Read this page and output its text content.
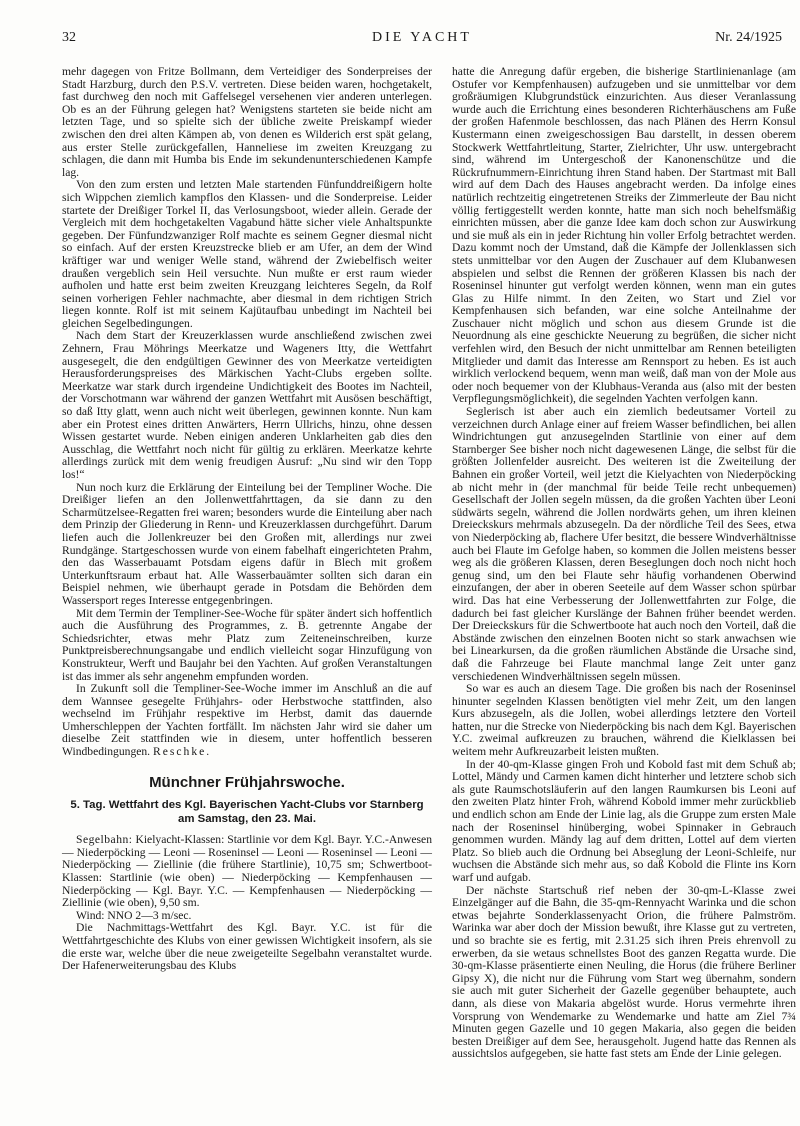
32	DIE YACHT	Nr. 24/1925

mehr dagegen von Fritze Bollmann, dem Verteidiger des Sonderpreises der Stadt Harzburg, durch den P.S.V. vertreten. Diese beiden waren, hochgetakelt, fast durchweg den noch mit Gaffelsegel versehenen vier anderen unterlegen. Ob es an der Führung gelegen hat? Wenigstens starteten sie beide nicht am letzten Tage, und so spielte sich der übliche zweite Preiskampf wieder zwischen den drei alten Kämpen ab, von denen es Wilderich erst spät gelang, aus erster Stelle zurückgefallen, Hanneliese im zweiten Kreuzgang zu schlagen, die dann mit Humba bis Ende im sekundenunterschiedenen Kampfe lag.

Von den zum ersten und letzten Male startenden Fünfunddreißigern holte sich Wippchen ziemlich kampflos den Klassen- und die Sonderpreise. Leider startete der Dreißiger Torkel II, das Verlosungsboot, wieder allein. Gerade der Vergleich mit dem hochgetakelten Vagabund hätte sicher viele Anhaltspunkte gegeben. Der Fünfundzwanziger Rolf machte es seinem Gegner diesmal nicht so einfach. Auf der ersten Kreuzstrecke blieb er am Ufer, an dem der Wind kräftiger war und weniger Welle stand, während der Zwiebelfisch weiter draußen vergeblich sein Heil versuchte. Nun mußte er erst raum wieder aufholen und hatte erst beim zweiten Kreuzgang leichteres Segeln, da Rolf seinen vorherigen Fehler nachmachte, aber diesmal in dem richtigen Strich liegen konnte. Rolf ist mit seinem Kajütaufbau unbedingt im Nachteil bei gleichen Segelbedingungen.

Nach dem Start der Kreuzerklassen wurde anschließend zwischen zwei Zehnern, Frau Möhrings Meerkatze und Wageners Itty, die Wettfahrt ausgesegelt, die den endgültigen Gewinner des von Meerkatze verteidigten Herausforderungspreises des Märkischen Yacht-Clubs ergeben sollte. Meerkatze war stark durch irgendeine Undichtigkeit des Bootes im Nachteil, der Vorschotmann war während der ganzen Wettfahrt mit Ausösen beschäftigt, so daß Itty glatt, wenn auch nicht weit überlegen, gewinnen konnte. Nun kam aber ein Protest eines dritten Anwärters, Herrn Ullrichs, hinzu, ohne dessen Wissen gestartet wurde. Neben einigen anderen Unklarheiten gab dies den Ausschlag, die Wettfahrt noch nicht für gültig zu erklären. Meerkatze kehrte allerdings zurück mit dem wenig freudigen Ausruf: „Nu sind wir den Topp los!“

Nun noch kurz die Erklärung der Einteilung bei der Templiner Woche. Die Dreißiger liefen an den Jollenwettfahrttagen, da sie dann zu den Scharmützelsee-Regatten frei waren; besonders wurde die Einteilung aber nach dem Prinzip der Gliederung in Renn- und Kreuzerklassen durchgeführt. Darum liefen auch die Jollenkreuzer bei den Großen mit, allerdings nur zwei Rundgänge. Startgeschossen wurde von einem fabelhaft eingerichteten Prahm, den das Wasserbauamt Potsdam eigens dafür in Blech mit großem Unterkunftsraum erbaut hat. Alle Wasserbauämter sollten sich daran ein Beispiel nehmen, wie überhaupt gerade in Potsdam die Behörden dem Wassersport reges Interesse entgegenbringen.

Mit dem Termin der Templiner-See-Woche für später ändert sich hoffentlich auch die Ausführung des Programmes, z. B. getrennte Angabe der Schiedsrichter, etwas mehr Platz zum Zeiteneinschreiben, kurze Punktpreisberechnungsangabe und endlich vielleicht sogar Hinzufügung von Konstrukteur, Werft und Baujahr bei den Yachten. Auf großen Veranstaltungen ist das immer als sehr angenehm empfunden worden.

In Zukunft soll die Templiner-See-Woche immer im Anschluß an die auf dem Wannsee gesegelte Frühjahrs- oder Herbstwoche stattfinden, also wechselnd im Frühjahr respektive im Herbst, damit das dauernde Umherschleppen der Yachten fortfällt. Im nächsten Jahr wird sie daher um dieselbe Zeit stattfinden wie in diesem, unter hoffentlich besseren Windbedingungen. Reschke.

Münchner Frühjahrswoche.
5. Tag. Wettfahrt des Kgl. Bayerischen Yacht-Clubs vor Starnberg am Samstag, den 23. Mai.

Segelbahn: Kielyacht-Klassen: Startlinie vor dem Kgl. Bayr. Y.C.-Anwesen — Niederpöcking — Leoni — Roseninsel — Leoni — Roseninsel — Leoni — Niederpöcking — Ziellinie (die frühere Startlinie), 10,75 sm; Schwertboot-Klassen: Startlinie (wie oben) — Niederpöcking — Kempfenhausen — Niederpöcking — Kgl. Bayr. Y.C. — Kempfenhausen — Niederpöcking — Ziellinie (wie oben), 9,50 sm.

Wind: NNO 2—3 m/sec.

Die Nachmittags-Wettfahrt des Kgl. Bayr. Y.C. ist für die Wettfahrtgeschichte des Klubs von einer gewissen Wichtigkeit insofern, als sie die erste war, welche über die neue zweigeteilte Segelbahn veranstaltet wurde. Der Hafenerweiterungsbau des Klubs

hatte die Anregung dafür ergeben, die bisherige Startlinienanlage (am Ostufer vor Kempfenhausen) aufzugeben und sie unmittelbar vor dem großräumigen Klubgrundstück einzurichten. Aus dieser Veranlassung wurde auch die Errichtung eines besonderen Richterhäuschens am Fuße der großen Hafenmole beschlossen, das nach Plänen des Herrn Konsul Kustermann einen zweigeschossigen Bau darstellt, in dessen oberem Stockwerk Wettfahrtleitung, Starter, Zielrichter, Uhr usw. untergebracht sind, während im Untergeschoß der Kanonenschütze und die Rückrufnummern-Einrichtung ihren Stand haben. Der Startmast mit Ball wird auf dem Dach des Hauses angebracht werden. Da infolge eines natürlich rechtzeitig eingetretenen Streiks der Zimmerleute der Bau nicht völlig fertiggestellt werden konnte, hatte man sich noch behelfsmäßig einrichten müssen, aber die ganze Idee kam doch schon zur Auswirkung und sie muß als ein in jeder Richtung hin voller Erfolg betrachtet werden. Dazu kommt noch der Umstand, daß die Kämpfe der Jollenklassen sich stets unmittelbar vor den Augen der Zuschauer auf dem Klubanwesen abspielen und selbst die Rennen der größeren Klassen bis nach der Roseninsel hinunter gut verfolgt werden können, wenn man ein gutes Glas zu Hilfe nimmt. In den Zeiten, wo Start und Ziel vor Kempfenhausen sich befanden, war eine solche Anteilnahme der Zuschauer nicht möglich und schon aus diesem Grunde ist die Neuordnung als eine geschickte Neuerung zu begrüßen, die sicher nicht verfehlen wird, den Besuch der nicht unmittelbar am Rennen beteiligten Mitglieder und damit das Interesse am Rennsport zu heben. Es ist auch wirklich verlockend bequem, wenn man weiß, daß man von der Mole aus oder noch bequemer von der Klubhaus-Veranda aus (also mit der besten Verpflegungsmöglichkeit), die segelnden Yachten verfolgen kann.

Seglerisch ist aber auch ein ziemlich bedeutsamer Vorteil zu verzeichnen durch Anlage einer auf freiem Wasser befindlichen, bei allen Windrichtungen gut anzusegelnden Startlinie von einer auf dem Starnberger See bisher noch nicht dagewesenen Länge, die selbst für die größten Jollenfelder ausreicht. Des weiteren ist die Zweiteilung der Bahnen ein großer Vorteil, weil jetzt die Kielyachten von Niederpöcking ab nicht mehr in (der manchmal für beide Teile recht unbequemen) Gesellschaft der Jollen segeln müssen, da die großen Yachten über Leoni südwärts segeln, während die Jollen nordwärts gehen, um ihren kleinen Dreieckskurs mehrmals abzusegeln. Da der nördliche Teil des Sees, etwa von Niederpöcking ab, flachere Ufer besitzt, die bessere Windverhältnisse auch bei Flaute im Gefolge haben, so kommen die Jollen meistens besser weg als die größeren Klassen, deren Beseglungen doch noch nicht hoch genug sind, um den bei Flaute sehr häufig vorhandenen Oberwind einzufangen, der aber in oberen Seeteile auf dem Wasser schon spürbar wird. Das hat eine Verbesserung der Jollenwettfahrten zur Folge, die dadurch bei fast gleicher Kurslänge der Bahnen früher beendet werden. Der Dreieckskurs für die Schwertboote hat auch noch den Vorteil, daß die Abstände zwischen den einzelnen Booten nicht so stark anwachsen wie bei Linearkursen, da die großen räumlichen Abstände die Ursache sind, daß die Fahrzeuge bei Flaute manchmal lange Zeit unter ganz verschiedenen Windverhältnissen segeln müssen.

So war es auch an diesem Tage. Die großen bis nach der Roseninsel hinunter segelnden Klassen benötigten viel mehr Zeit, um den langen Kurs abzusegeln, als die Jollen, wobei allerdings letztere den Vorteil hatten, nur die Strecke von Niederpöcking bis nach dem Kgl. Bayerischen Y.C. zweimal aufkreuzen zu brauchen, während die Kielklassen bei weitem mehr Aufkreuzarbeit leisten mußten.

In der 40-qm-Klasse gingen Froh und Kobold fast mit dem Schuß ab; Lottel, Mändy und Carmen kamen dicht hinterher und letztere schob sich als gute Raumschotsläuferin auf den langen Raumkursen bis Leoni auf den zweiten Platz hinter Froh, während Kobold immer mehr zurückblieb und endlich schon am Ende der Linie lag, als die Gruppe zum ersten Male nach der Roseninsel hinüberging, wobei Spinnaker in Gebrauch genommen wurden. Mändy lag auf dem dritten, Lottel auf dem vierten Platz. So blieb auch die Ordnung bei Abseglung der Leoni-Schleife, nur wuchsen die Abstände sich mehr aus, so daß Kobold die Flinte ins Korn warf und aufgab.

Der nächste Startschuß rief neben der 30-qm-L-Klasse zwei Einzelgänger auf die Bahn, die 35-qm-Rennyacht Warinka und die schon etwas bejahrte Sonderklassenyacht Orion, die frühere Palmström. Warinka war aber doch der Mission bewußt, ihre Klasse gut zu vertreten, und so brachte sie es fertig, mit 2.31.25 sich ihren Preis ehrenvoll zu erwerben, da sie wetaus schnellstes Boot des ganzen Regatta wurde. Die 30-qm-Klasse präsentierte einen Neuling, die Horus (die frühere Berliner Gipsy X), die nicht nur die Führung vom Start weg übernahm, sondern sie auch mit guter Sicherheit der Gazelle gegenüber behauptete, auch dann, als diese von Makaria abgelöst wurde. Horus vermehrte ihren Vorsprung von Wendemarke zu Wendemarke und hatte am Ziel 7¾ Minuten gegen Gazelle und 10 gegen Makaria, also gegen die beiden besten Dreißiger auf dem See, herausgeholt. Jugend hatte das Rennen als aussichtslos aufgegeben, sie hatte fast stets am Ende der Linie gelegen.
